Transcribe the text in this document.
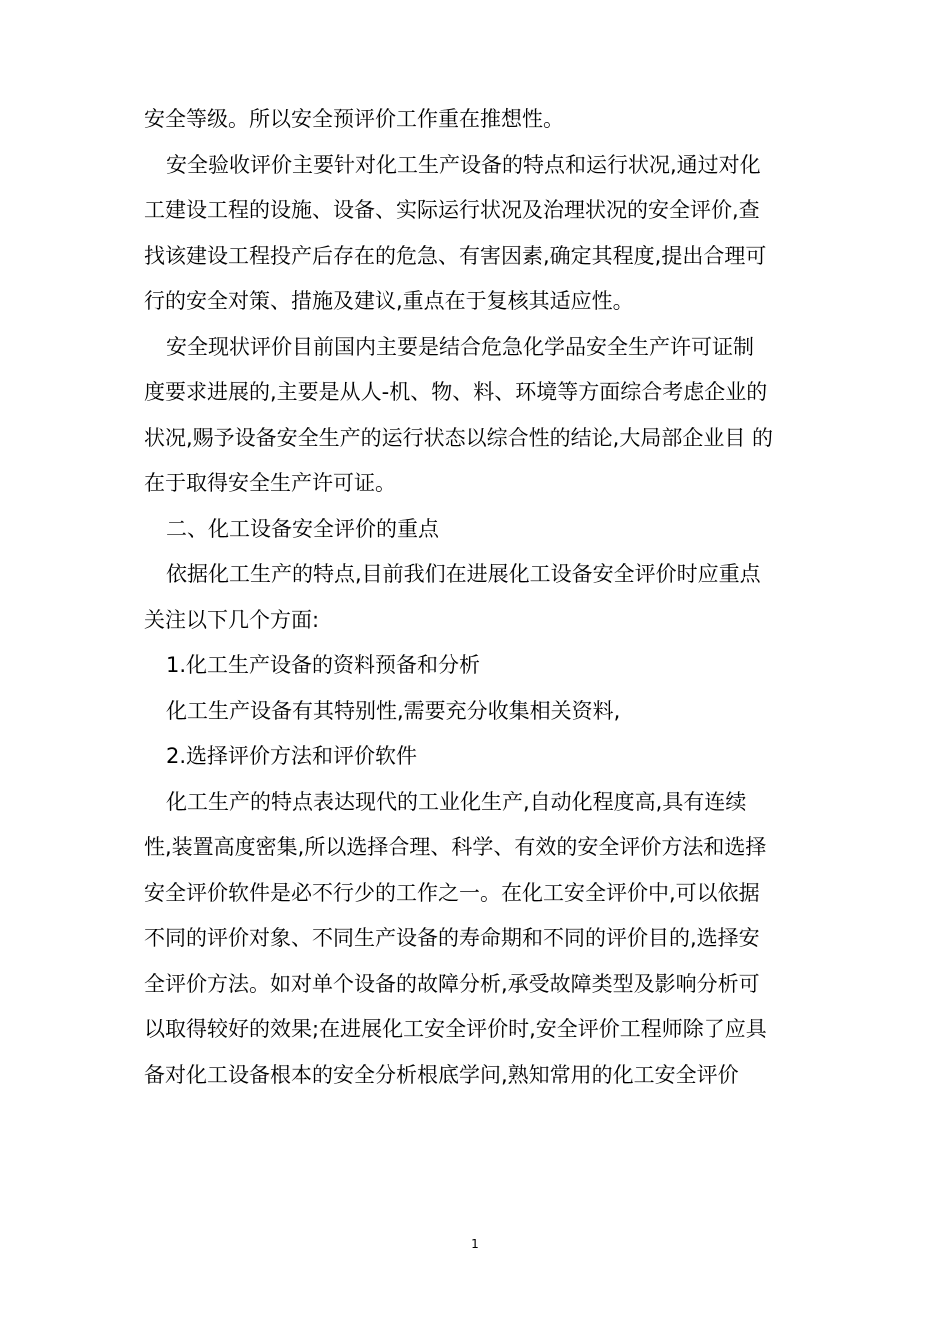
安全等级。所以安全预评价工作重在推想性。
安全验收评价主要针对化工生产设备的特点和运行状况,通过对化
工建设工程的设施、设备、实际运行状况及治理状况的安全评价,查
找该建设工程投产后存在的危急、有害因素,确定其程度,提出合理可
行的安全对策、措施及建议,重点在于复核其适应性。
安全现状评价目前国内主要是结合危急化学品安全生产许可证制
度要求进展的,主要是从人-机、物、料、环境等方面综合考虑企业的
状况,赐予设备安全生产的运行状态以综合性的结论,大局部企业目 的
在于取得安全生产许可证。
二、化工设备安全评价的重点
依据化工生产的特点,目前我们在进展化工设备安全评价时应重点
关注以下几个方面:
1.化工生产设备的资料预备和分析
化工生产设备有其特别性,需要充分收集相关资料,
2.选择评价方法和评价软件
化工生产的特点表达现代的工业化生产,自动化程度高,具有连续
性,装置高度密集,所以选择合理、科学、有效的安全评价方法和选择
安全评价软件是必不行少的工作之一。在化工安全评价中,可以依据
不同的评价对象、不同生产设备的寿命期和不同的评价目的,选择安
全评价方法。如对单个设备的故障分析,承受故障类型及影响分析可
以取得较好的效果;在进展化工安全评价时,安全评价工程师除了应具
备对化工设备根本的安全分析根底学问,熟知常用的化工安全评价
1
